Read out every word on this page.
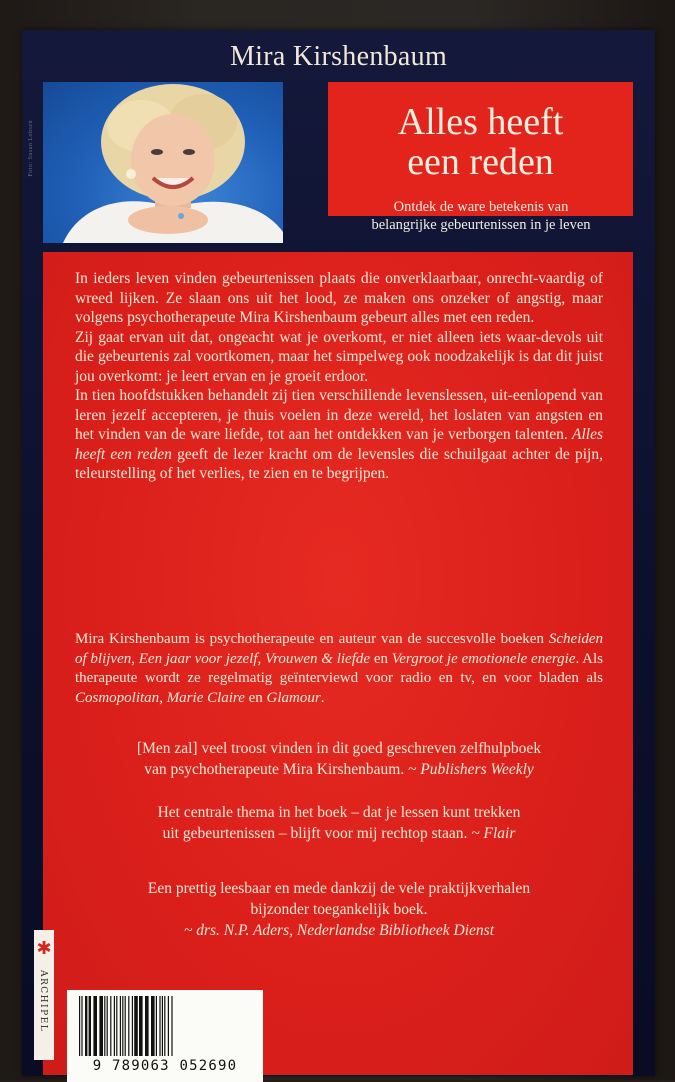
Mira Kirshenbaum
Foto: Susan Lohsen	Alles heeft
een reden
Ontdek de ware betekenis van
belangrijke gebeurtenissen in je leven

In ieders leven vinden gebeurtenissen plaats die onverklaarbaar, onrecht-vaardig of wreed lijken. Ze slaan ons uit het lood, ze maken ons onzeker of angstig, maar volgens psychotherapeute Mira Kirshenbaum gebeurt alles met een reden.

Zij gaat ervan uit dat, ongeacht wat je overkomt, er niet alleen iets waar-devols uit die gebeurtenis zal voortkomen, maar het simpelweg ook noodzakelijk is dat dit juist jou overkomt: je leert ervan en je groeit erdoor.

In tien hoofdstukken behandelt zij tien verschillende levenslessen, uit-eenlopend van leren jezelf accepteren, je thuis voelen in deze wereld, het loslaten van angsten en het vinden van de ware liefde, tot aan het ontdekken van je verborgen talenten. Alles heeft een reden geeft de lezer kracht om de levensles die schuilgaat achter de pijn, teleurstelling of het verlies, te zien en te begrijpen.

Mira Kirshenbaum is psychotherapeute en auteur van de succesvolle boeken Scheiden of blijven, Een jaar voor jezelf, Vrouwen & liefde en Vergroot je emotionele energie. Als therapeute wordt ze regelmatig geïnterviewd voor radio en tv, en voor bladen als Cosmopolitan, Marie Claire en Glamour.
[Men zal] veel troost vinden in dit goed geschreven zelfhulpboek
van psychotherapeute Mira Kirshenbaum. ~ Publishers Weekly
Het centrale thema in het boek – dat je lessen kunt trekken
uit gebeurtenissen – blijft voor mij rechtop staan. ~ Flair
Een prettig leesbaar en mede dankzij de vele praktijkverhalen
bijzonder toegankelijk boek.
~ drs. N.P. Aders, Nederlandse Bibliotheek Dienst
✱
ARCHIPEL
9 789063 052690
